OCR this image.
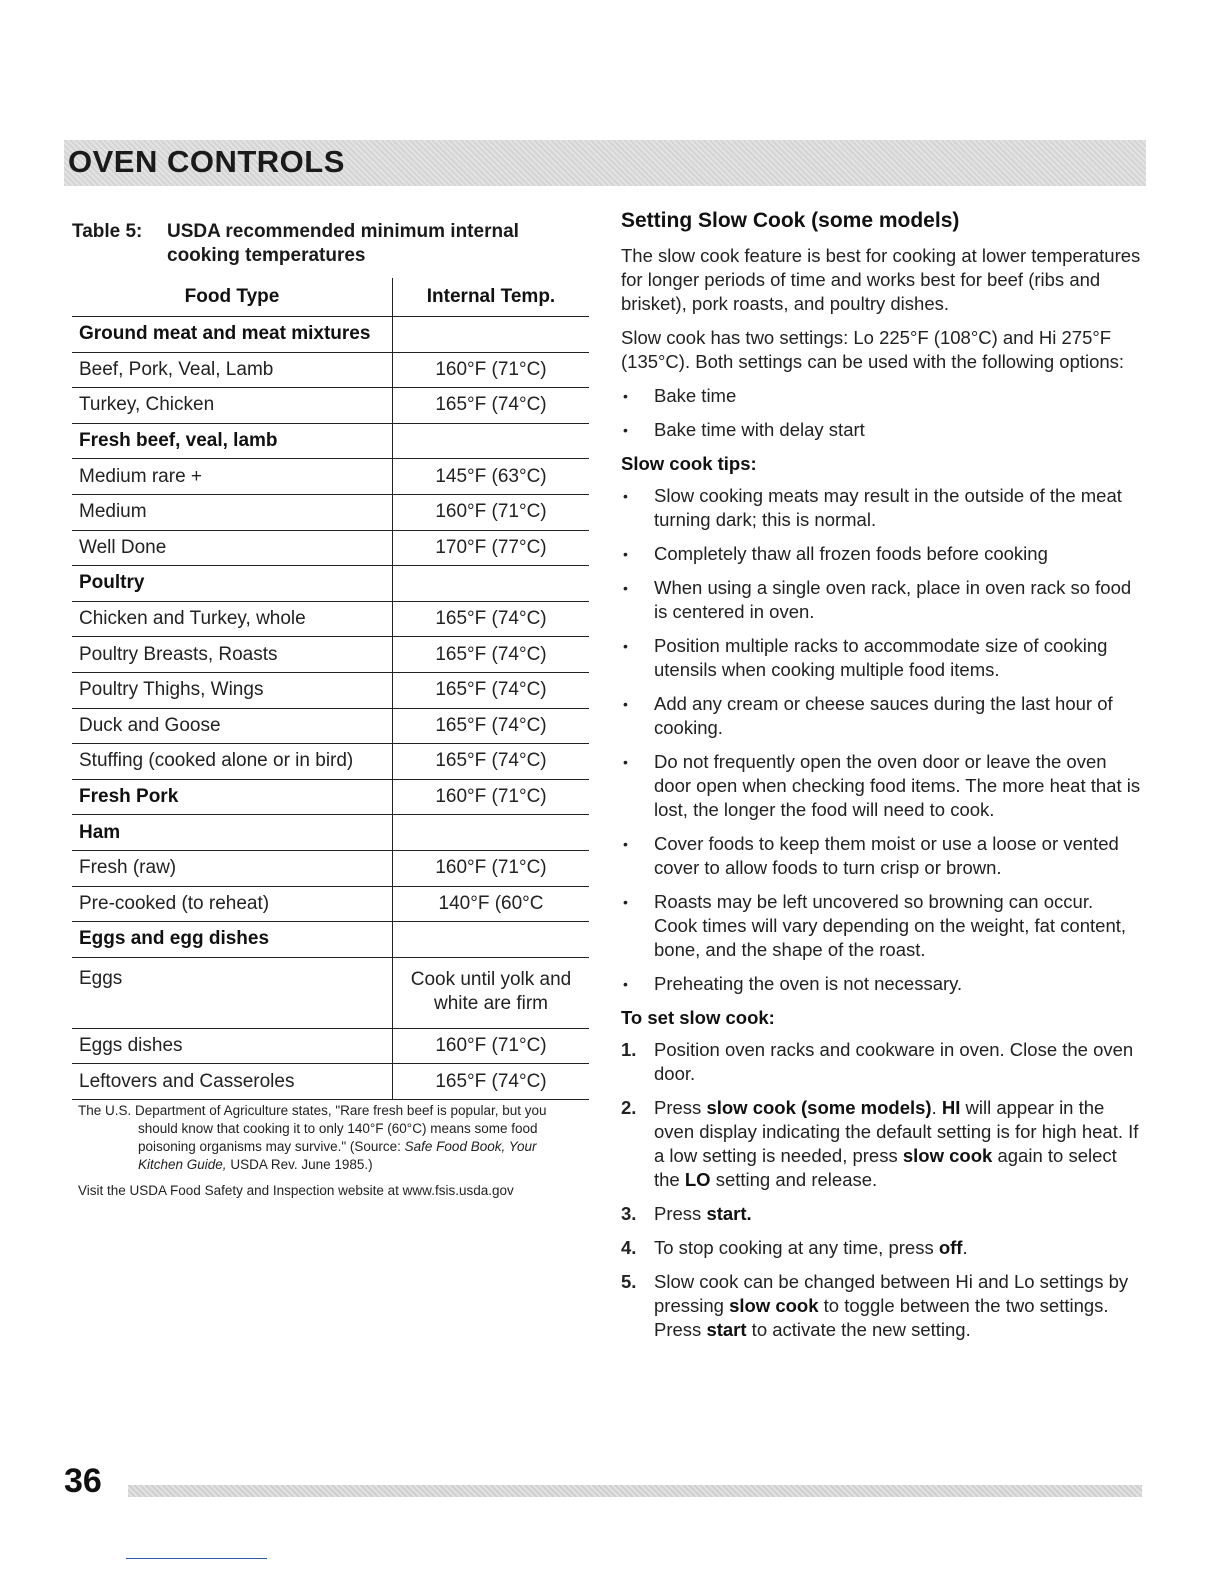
OVEN CONTROLS
Table 5: USDA recommended minimum internal cooking temperatures
Food Type	Internal Temp.
Ground meat and meat mixtures	
Beef, Pork, Veal, Lamb	160°F (71°C)
Turkey, Chicken	165°F (74°C)
Fresh beef, veal, lamb	
Medium rare +	145°F (63°C)
Medium	160°F (71°C)
Well Done	170°F (77°C)
Poultry	
Chicken and Turkey, whole	165°F (74°C)
Poultry Breasts, Roasts	165°F (74°C)
Poultry Thighs, Wings	165°F (74°C)
Duck and Goose	165°F (74°C)
Stuffing (cooked alone or in bird)	165°F (74°C)
Fresh Pork	160°F (71°C)
Ham	
Fresh (raw)	160°F (71°C)
Pre-cooked (to reheat)	140°F (60°C
Eggs and egg dishes	
Eggs	Cook until yolk and white are firm
Eggs dishes	160°F (71°C)
Leftovers and Casseroles	165°F (74°C)
The U.S. Department of Agriculture states, "Rare fresh beef is popular, but you should know that cooking it to only 140°F (60°C) means some food poisoning organisms may survive." (Source: Safe Food Book, Your Kitchen Guide, USDA Rev. June 1985.)
Visit the USDA Food Safety and Inspection website at www.fsis.usda.gov
Setting Slow Cook (some models)

The slow cook feature is best for cooking at lower temperatures for longer periods of time and works best for beef (ribs and brisket), pork roasts, and poultry dishes.

Slow cook has two settings: Lo 225°F (108°C) and Hi 275°F (135°C). Both settings can be used with the following options:

• Bake time
• Bake time with delay start
Slow cook tips:
• Slow cooking meats may result in the outside of the meat turning dark; this is normal.
• Completely thaw all frozen foods before cooking
• When using a single oven rack, place in oven rack so food is centered in oven.
• Position multiple racks to accommodate size of cooking utensils when cooking multiple food items.
• Add any cream or cheese sauces during the last hour of cooking.
• Do not frequently open the oven door or leave the oven door open when checking food items. The more heat that is lost, the longer the food will need to cook.
• Cover foods to keep them moist or use a loose or vented cover to allow foods to turn crisp or brown.
• Roasts may be left uncovered so browning can occur. Cook times will vary depending on the weight, fat content, bone, and the shape of the roast.
• Preheating the oven is not necessary.
To set slow cook:
1. Position oven racks and cookware in oven. Close the oven door.
2. Press slow cook (some models). HI will appear in the oven display indicating the default setting is for high heat. If a low setting is needed, press slow cook again to select the LO setting and release.
3. Press start.
4. To stop cooking at any time, press off.
5. Slow cook can be changed between Hi and Lo settings by pressing slow cook to toggle between the two settings. Press start to activate the new setting.
36
